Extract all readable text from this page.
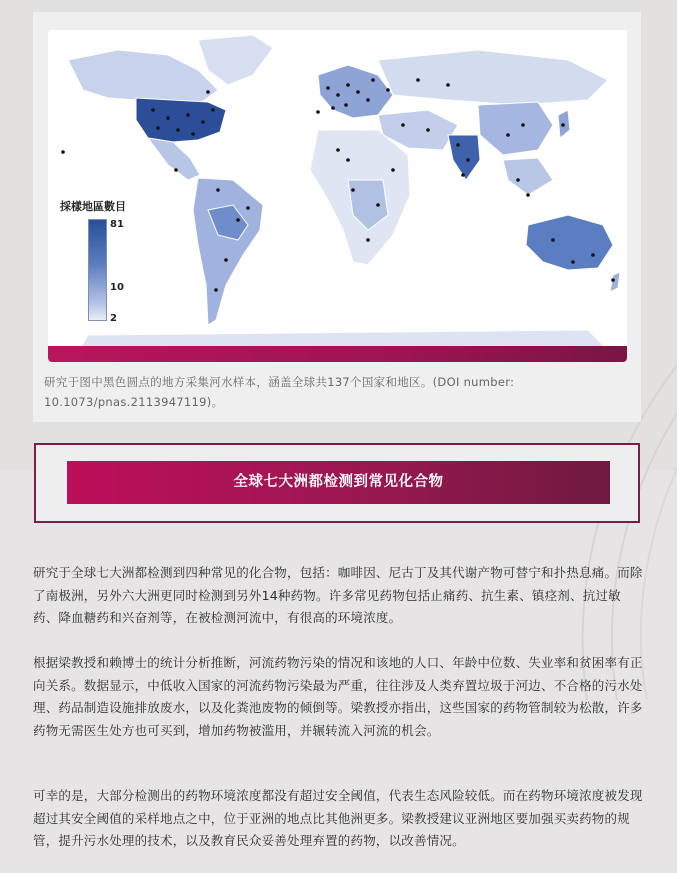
採樣地區數目
81
10
2
研究于图中黑色圆点的地方采集河水样本，涵盖全球共137个国家和地区。(DOI number: 10.1073/pnas.2113947119)。
全球七大洲都检测到常见化合物
研究于全球七大洲都检测到四种常见的化合物，包括：咖啡因、尼古丁及其代谢产物可替宁和扑热息痛。而除了南极洲，另外六大洲更同时检测到另外14种药物。许多常见药物包括止痛药、抗生素、镇痉剂、抗过敏药、降血糖药和兴奋剂等，在被检测河流中，有很高的环境浓度。
根据梁教授和赖博士的统计分析推断，河流药物污染的情况和该地的人口、年龄中位数、失业率和贫困率有正向关系。数据显示，中低收入国家的河流药物污染最为严重，往往涉及人类弃置垃圾于河边、不合格的污水处理、药品制造设施排放废水，以及化粪池废物的倾倒等。梁教授亦指出，这些国家的药物管制较为松散，许多药物无需医生处方也可买到，增加药物被滥用，并辗转流入河流的机会。
可幸的是，大部分检测出的药物环境浓度都没有超过安全阈值，代表生态风险较低。而在药物环境浓度被发现超过其安全阈值的采样地点之中，位于亚洲的地点比其他洲更多。梁教授建议亚洲地区要加强买卖药物的规管，提升污水处理的技术，以及教育民众妥善处理弃置的药物，以改善情况。
